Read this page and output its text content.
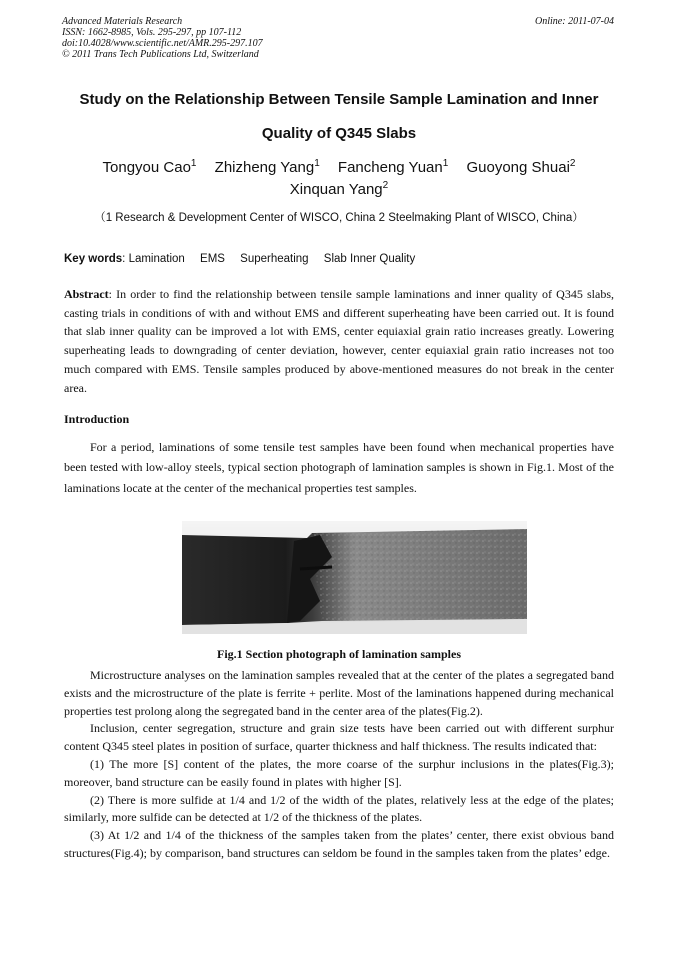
Advanced Materials Research
ISSN: 1662-8985, Vols. 295-297, pp 107-112
doi:10.4028/www.scientific.net/AMR.295-297.107
© 2011 Trans Tech Publications Ltd, Switzerland
Online: 2011-07-04
Study on the Relationship Between Tensile Sample Lamination and Inner
Quality of Q345 Slabs
Tongyou Cao$^1$ Zhizheng Yang$^1$ Fancheng Yuan$^1$ Guoyong Shuai$^2$
Xinquan Yang$^2$
（1 Research & Development Center of WISCO, China 2 Steelmaking Plant of WISCO, China）
Key words: Lamination EMS Superheating Slab Inner Quality
Abstract: In order to find the relationship between tensile sample laminations and inner quality of Q345 slabs, casting trials in conditions of with and without EMS and different superheating have been carried out. It is found that slab inner quality can be improved a lot with EMS, center equiaxial grain ratio increases greatly. Lowering superheating leads to downgrading of center deviation, however, center equiaxial grain ratio increases not too much compared with EMS. Tensile samples produced by above-mentioned measures do not break in the center area.
Introduction
For a period, laminations of some tensile test samples have been found when mechanical properties have been tested with low-alloy steels, typical section photograph of lamination samples is shown in Fig.1. Most of the laminations locate at the center of the mechanical properties test samples.
Fig.1 Section photograph of lamination samples
Microstructure analyses on the lamination samples revealed that at the center of the plates a segregated band exists and the microstructure of the plate is ferrite + perlite. Most of the laminations happened during mechanical properties test prolong along the segregated band in the center area of the plates(Fig.2).
Inclusion, center segregation, structure and grain size tests have been carried out with different surphur content Q345 steel plates in position of surface, quarter thickness and half thickness. The results indicated that:
(1) The more [S] content of the plates, the more coarse of the surphur inclusions in the plates(Fig.3); moreover, band structure can be easily found in plates with higher [S].
(2) There is more sulfide at 1/4 and 1/2 of the width of the plates, relatively less at the edge of the plates; similarly, more sulfide can be detected at 1/2 of the thickness of the plates.
(3) At 1/2 and 1/4 of the thickness of the samples taken from the plates’ center, there exist obvious band structures(Fig.4); by comparison, band structures can seldom be found in the samples taken from the plates’ edge.
